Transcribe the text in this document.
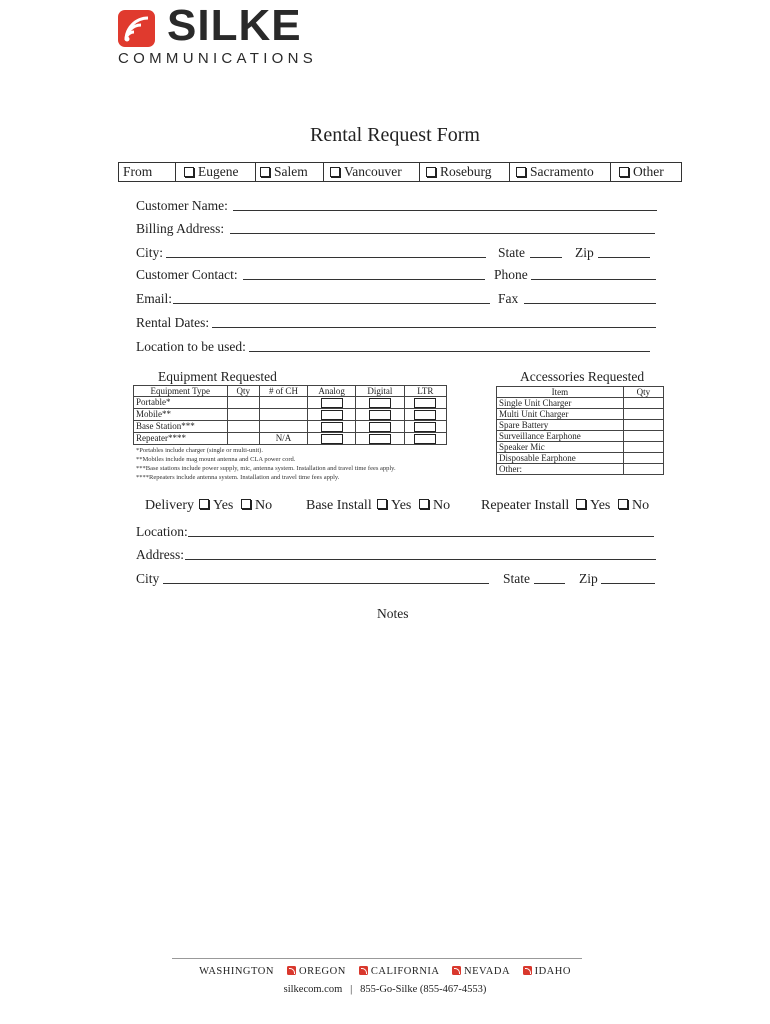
SILKE
COMMUNICATIONS
Rental Request Form
From	Eugene	Salem	Vancouver	Roseburg	Sacramento	Other
Customer Name:
Billing Address:
City:	State	Zip
Customer Contact:	Phone
Email:	Fax
Rental Dates:
Location to be used:
Equipment Requested
Equipment Type	Qty	# of CH	Analog	Digital	LTR
Portable*					
Mobile**					
Base Station***					
Repeater****		N/A			
*Portables include charger (single or multi-unit).
**Mobiles include mag mount antenna and CLA power cord.
***Base stations include power supply, mic, antenna system. Installation and travel time fees apply.
****Repeaters include antenna system. Installation and travel time fees apply.
Accessories Requested
Item	Qty
Single Unit Charger	
Multi Unit Charger	
Spare Battery	
Surveillance Earphone	
Speaker Mic	
Disposable Earphone	
Other:	
Delivery	Yes	No Base Install	Yes	No Repeater Install	Yes	No
Location:
Address:
City	State	Zip
Notes
WASHINGTON OREGON CALIFORNIA NEVADA IDAHO
silkecom.com   |   855-Go-Silke (855-467-4553)
